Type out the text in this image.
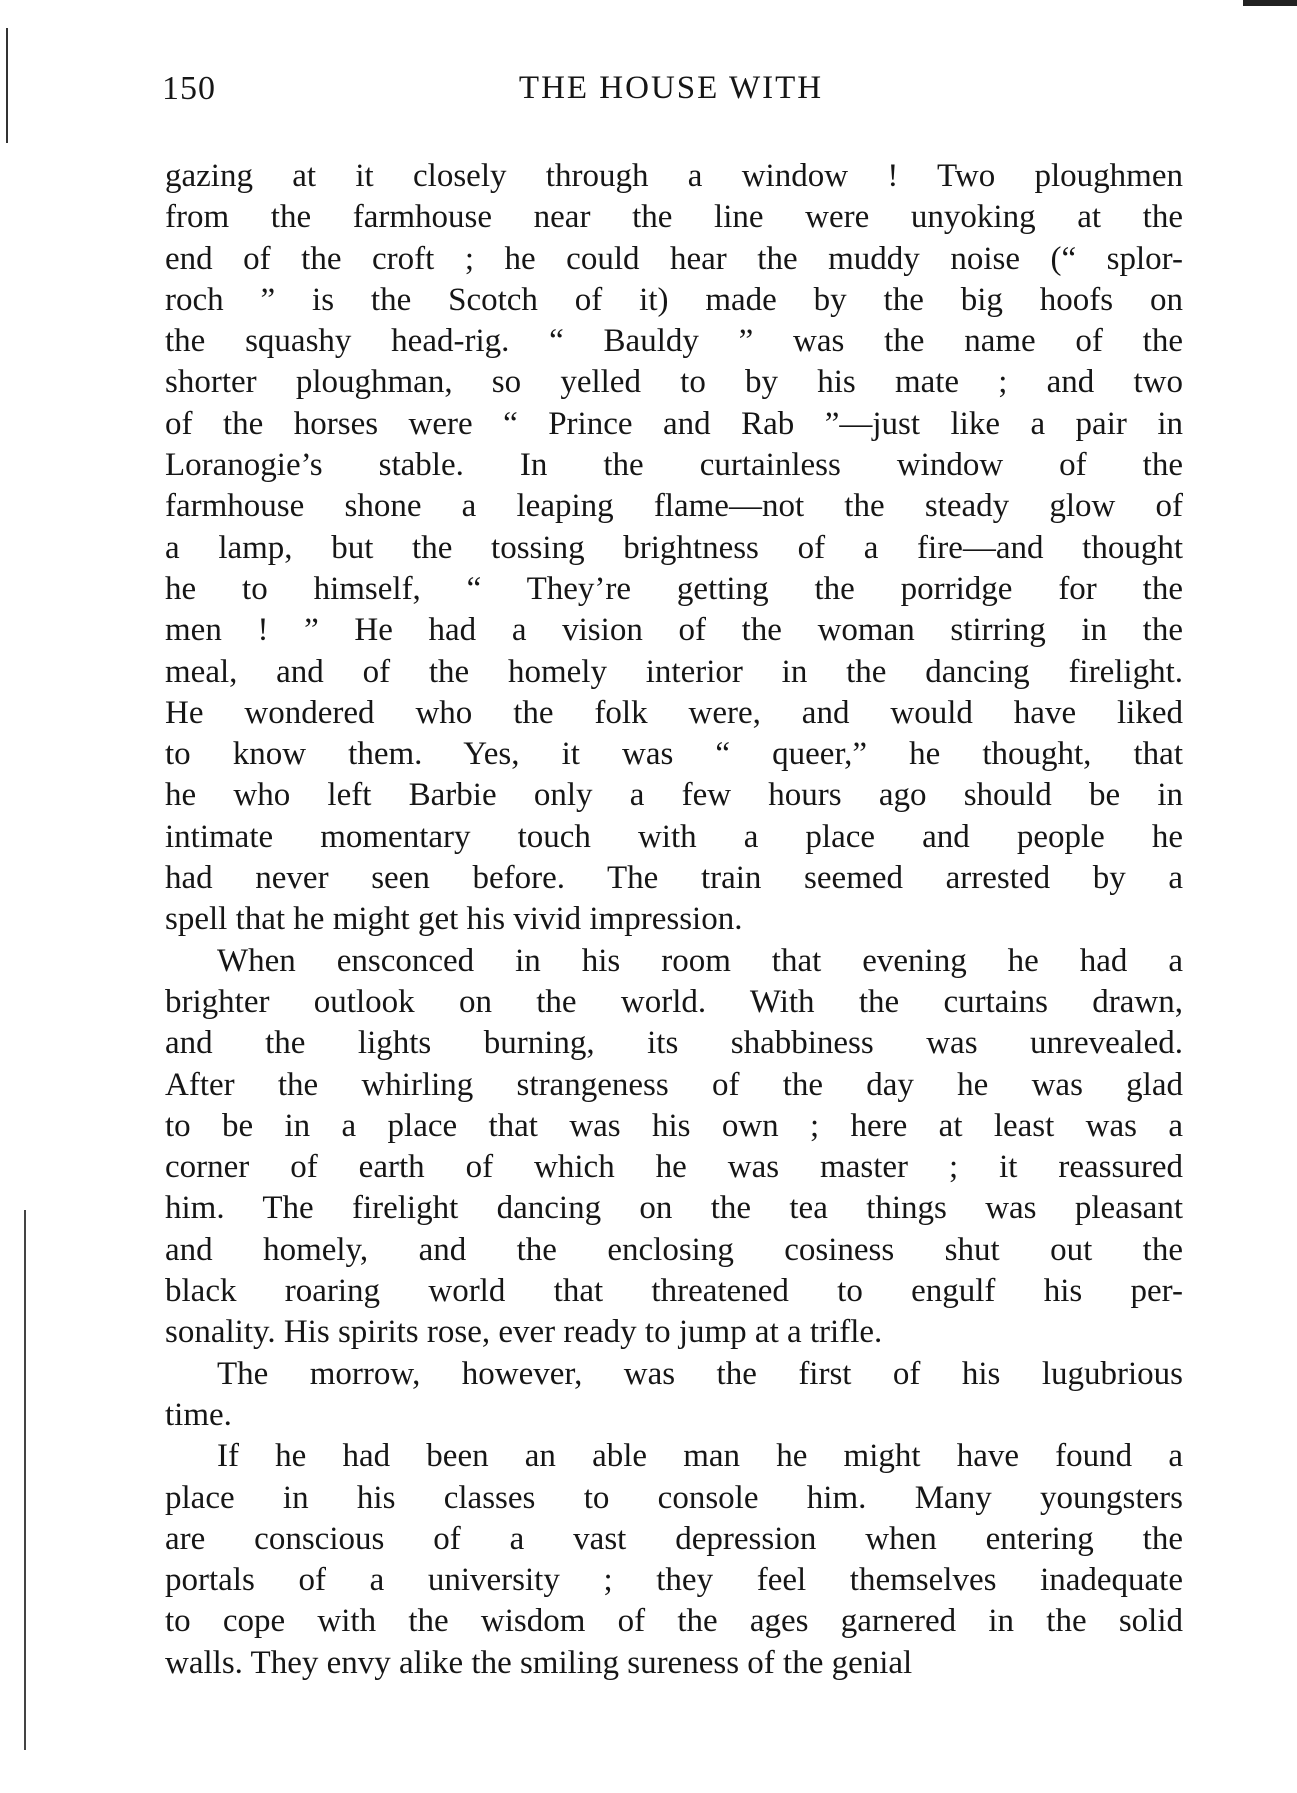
150	THE HOUSE WITH
gazing at it closely through a window ! Two ploughmen
from the farmhouse near the line were unyoking at the
end of the croft ; he could hear the muddy noise (“ splor-
roch ” is the Scotch of it) made by the big hoofs on
the squashy head-rig. “ Bauldy ” was the name of the
shorter ploughman, so yelled to by his mate ; and two
of the horses were “ Prince and Rab ”—just like a pair in
Loranogie’s stable. In the curtainless window of the
farmhouse shone a leaping flame—not the steady glow of
a lamp, but the tossing brightness of a fire—and thought
he to himself, “ They’re getting the porridge for the
men ! ” He had a vision of the woman stirring in the
meal, and of the homely interior in the dancing firelight.
He wondered who the folk were, and would have liked
to know them. Yes, it was “ queer,” he thought, that
he who left Barbie only a few hours ago should be in
intimate momentary touch with a place and people he
had never seen before. The train seemed arrested by a
spell that he might get his vivid impression.
When ensconced in his room that evening he had a
brighter outlook on the world. With the curtains drawn,
and the lights burning, its shabbiness was unrevealed.
After the whirling strangeness of the day he was glad
to be in a place that was his own ; here at least was a
corner of earth of which he was master ; it reassured
him. The firelight dancing on the tea things was pleasant
and homely, and the enclosing cosiness shut out the
black roaring world that threatened to engulf his per-
sonality. His spirits rose, ever ready to jump at a trifle.
The morrow, however, was the first of his lugubrious
time.
If he had been an able man he might have found a
place in his classes to console him. Many youngsters
are conscious of a vast depression when entering the
portals of a university ; they feel themselves inadequate
to cope with the wisdom of the ages garnered in the solid
walls. They envy alike the smiling sureness of the genial
